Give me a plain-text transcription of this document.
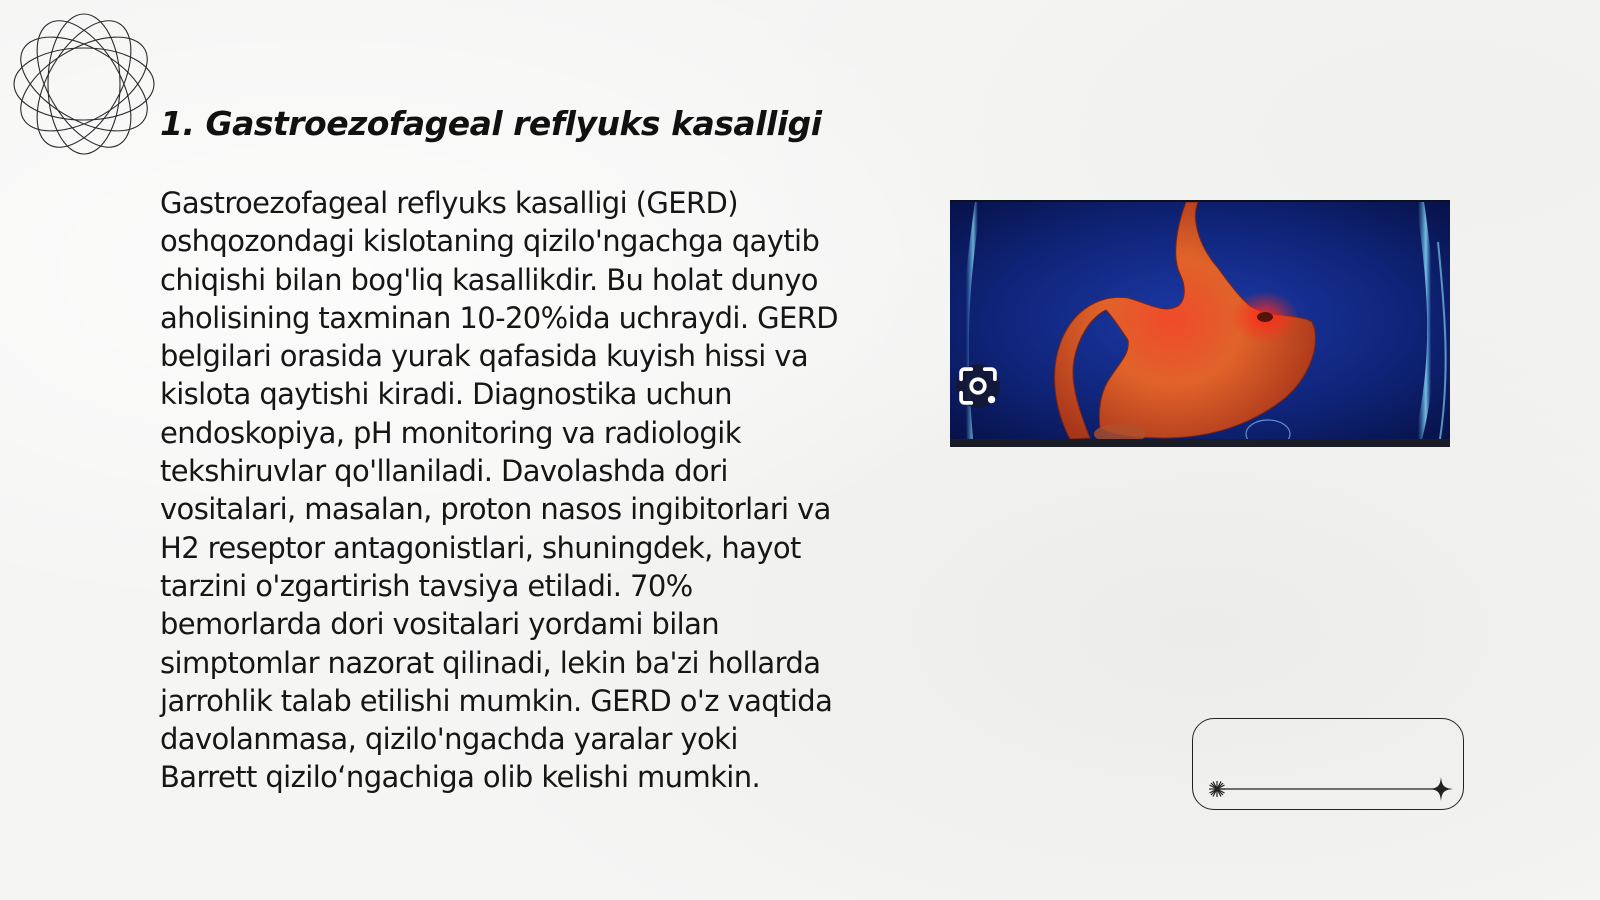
1. Gastroezofageal reflyuks kasalligi

Gastroezofageal reflyuks kasalligi (GERD) oshqozondagi kislotaning qizilo'ngachga qaytib chiqishi bilan bog'liq kasallikdir. Bu holat dunyo aholisining taxminan 10-20%ida uchraydi. GERD belgilari orasida yurak qafasida kuyish hissi va kislota qaytishi kiradi. Diagnostika uchun endoskopiya, pH monitoring va radiologik tekshiruvlar qo'llaniladi. Davolashda dori vositalari, masalan, proton nasos ingibitorlari va H2 reseptor antagonistlari, shuningdek, hayot tarzini o'zgartirish tavsiya etiladi. 70% bemorlarda dori vositalari yordami bilan simptomlar nazorat qilinadi, lekin ba'zi hollarda jarrohlik talab etilishi mumkin. GERD o'z vaqtida davolanmasa, qizilo'ngachda yaralar yoki Barrett qizilo‘ngachiga olib kelishi mumkin.
